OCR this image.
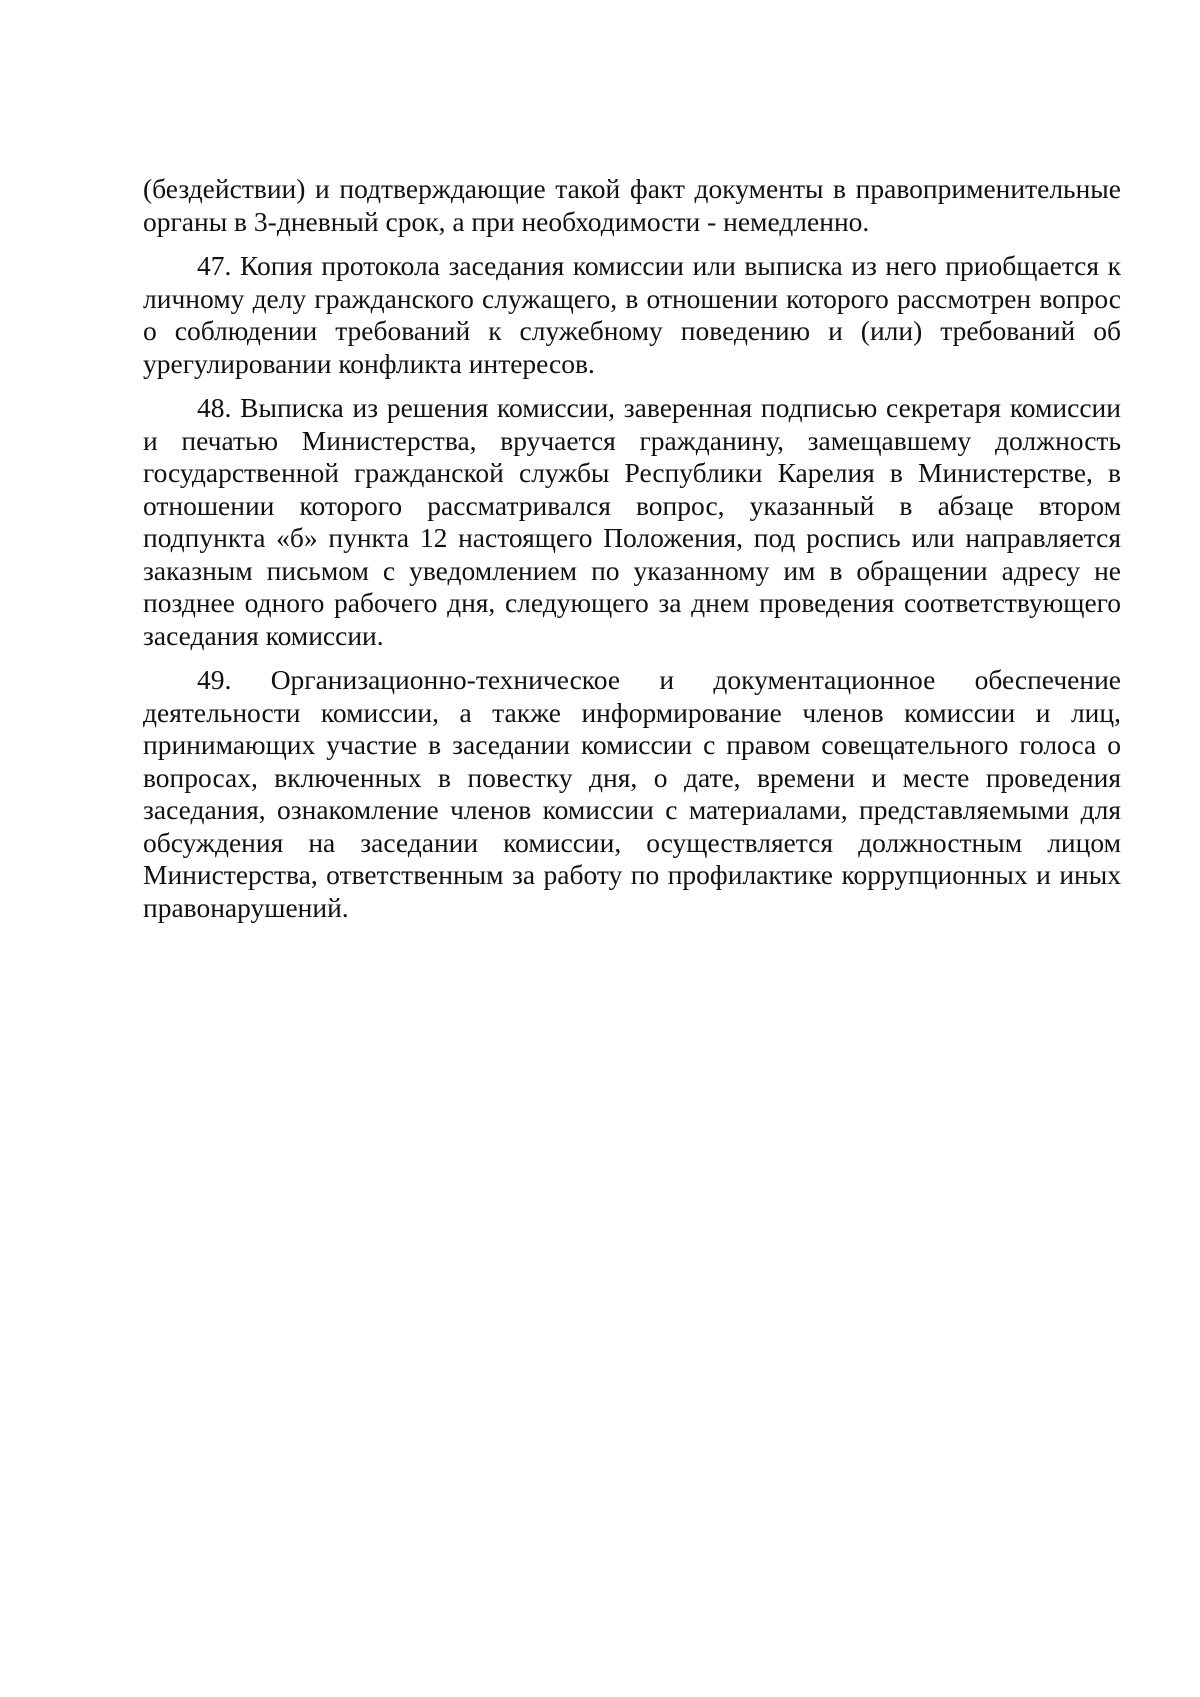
(бездействии) и подтверждающие такой факт документы в правоприменительные органы в 3-дневный срок, а при необходимости - немедленно.

47. Копия протокола заседания комиссии или выписка из него приобщается к личному делу гражданского служащего, в отношении которого рассмотрен вопрос о соблюдении требований к служебному поведению и (или) требований об урегулировании конфликта интересов.

48. Выписка из решения комиссии, заверенная подписью секретаря комиссии и печатью Министерства, вручается гражданину, замещавшему должность государственной гражданской службы Республики Карелия в Министерстве, в отношении которого рассматривался вопрос, указанный в абзаце втором подпункта «б» пункта 12 настоящего Положения, под роспись или направляется заказным письмом с уведомлением по указанному им в обращении адресу не позднее одного рабочего дня, следующего за днем проведения соответствующего заседания комиссии.

49. Организационно-техническое и документационное обеспечение деятельности комиссии, а также информирование членов комиссии и лиц, принимающих участие в заседании комиссии с правом совещательного голоса о вопросах, включенных в повестку дня, о дате, времени и месте проведения заседания, ознакомление членов комиссии с материалами, представляемыми для обсуждения на заседании комиссии, осуществляется должностным лицом Министерства, ответственным за работу по профилактике коррупционных и иных правонарушений.
